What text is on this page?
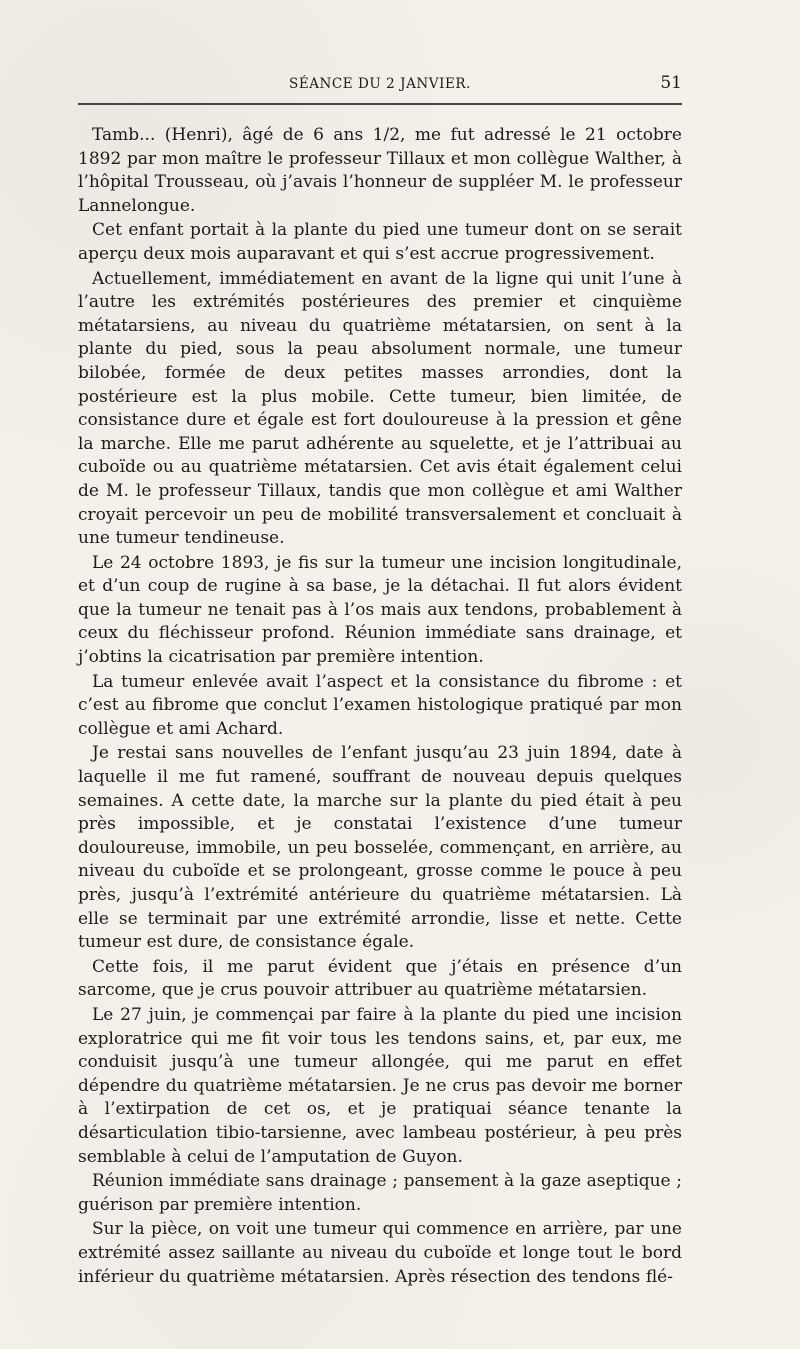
SÉANCE DU 2 JANVIER.	51

Tamb... (Henri), âgé de 6 ans 1/2, me fut adressé le 21 octobre 1892 par mon maître le professeur Tillaux et mon collègue Walther, à l’hôpital Trousseau, où j’avais l’honneur de suppléer M. le professeur Lannelongue.

Cet enfant portait à la plante du pied une tumeur dont on se serait aperçu deux mois auparavant et qui s’est accrue progressivement.

Actuellement, immédiatement en avant de la ligne qui unit l’une à l’autre les extrémités postérieures des premier et cinquième métatarsiens, au niveau du quatrième métatarsien, on sent à la plante du pied, sous la peau absolument normale, une tumeur bilobée, formée de deux petites masses arrondies, dont la postérieure est la plus mobile. Cette tumeur, bien limitée, de consistance dure et égale est fort douloureuse à la pression et gêne la marche. Elle me parut adhérente au squelette, et je l’attribuai au cuboïde ou au quatrième métatarsien. Cet avis était également celui de M. le professeur Tillaux, tandis que mon collègue et ami Walther croyait percevoir un peu de mobilité transversalement et concluait à une tumeur tendineuse.

Le 24 octobre 1893, je fis sur la tumeur une incision longitudinale, et d’un coup de rugine à sa base, je la détachai. Il fut alors évident que la tumeur ne tenait pas à l’os mais aux tendons, probablement à ceux du fléchisseur profond. Réunion immédiate sans drainage, et j’obtins la cicatrisation par première intention.

La tumeur enlevée avait l’aspect et la consistance du fibrome : et c’est au fibrome que conclut l’examen histologique pratiqué par mon collègue et ami Achard.

Je restai sans nouvelles de l’enfant jusqu’au 23 juin 1894, date à laquelle il me fut ramené, souffrant de nouveau depuis quelques semaines. A cette date, la marche sur la plante du pied était à peu près impossible, et je constatai l’existence d’une tumeur douloureuse, immobile, un peu bosselée, commençant, en arrière, au niveau du cuboïde et se prolongeant, grosse comme le pouce à peu près, jusqu’à l’extrémité antérieure du quatrième métatarsien. Là elle se terminait par une extrémité arrondie, lisse et nette. Cette tumeur est dure, de consistance égale.

Cette fois, il me parut évident que j’étais en présence d’un sarcome, que je crus pouvoir attribuer au quatrième métatarsien.

Le 27 juin, je commençai par faire à la plante du pied une incision exploratrice qui me fit voir tous les tendons sains, et, par eux, me conduisit jusqu’à une tumeur allongée, qui me parut en effet dépendre du quatrième métatarsien. Je ne crus pas devoir me borner à l’extirpation de cet os, et je pratiquai séance tenante la désarticulation tibio-tarsienne, avec lambeau postérieur, à peu près semblable à celui de l’amputation de Guyon.

Réunion immédiate sans drainage ; pansement à la gaze aseptique ; guérison par première intention.

Sur la pièce, on voit une tumeur qui commence en arrière, par une extrémité assez saillante au niveau du cuboïde et longe tout le bord inférieur du quatrième métatarsien. Après résection des tendons flé-
